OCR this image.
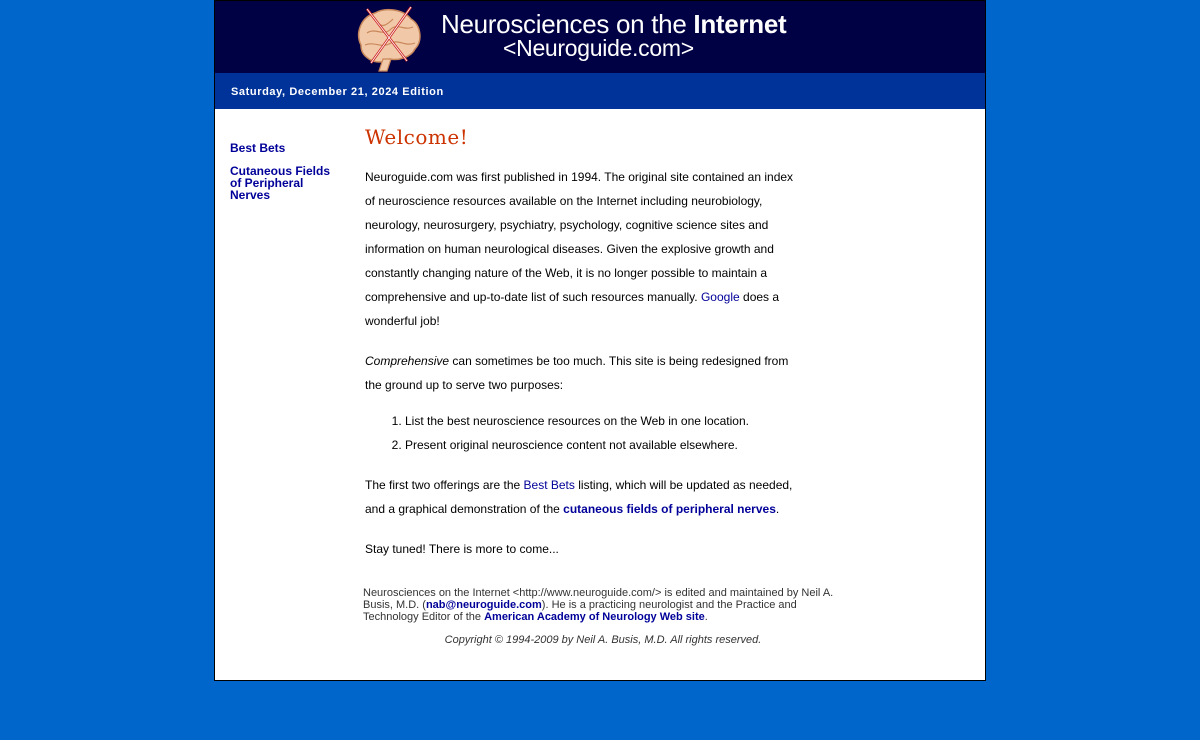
Neurosciences on the Internet
<Neuroguide.com>
Saturday, December 21, 2024 Edition
Best Bets
Cutaneous Fields of Peripheral Nerves
Welcome!

Neuroguide.com was first published in 1994. The original site contained an index of neuroscience resources available on the Internet including neurobiology, neurology, neurosurgery, psychiatry, psychology, cognitive science sites and information on human neurological diseases. Given the explosive growth and constantly changing nature of the Web, it is no longer possible to maintain a comprehensive and up-to-date list of such resources manually. Google does a wonderful job!

Comprehensive can sometimes be too much. This site is being redesigned from the ground up to serve two purposes:

1. List the best neuroscience resources on the Web in one location.
2. Present original neuroscience content not available elsewhere.

The first two offerings are the Best Bets listing, which will be updated as needed, and a graphical demonstration of the cutaneous fields of peripheral nerves.

Stay tuned! There is more to come...

Neurosciences on the Internet <http://www.neuroguide.com/> is edited and maintained by Neil A. Busis, M.D. (nab@neuroguide.com). He is a practicing neurologist and the Practice and Technology Editor of the American Academy of Neurology Web site.
Copyright © 1994-2009 by Neil A. Busis, M.D. All rights reserved.
